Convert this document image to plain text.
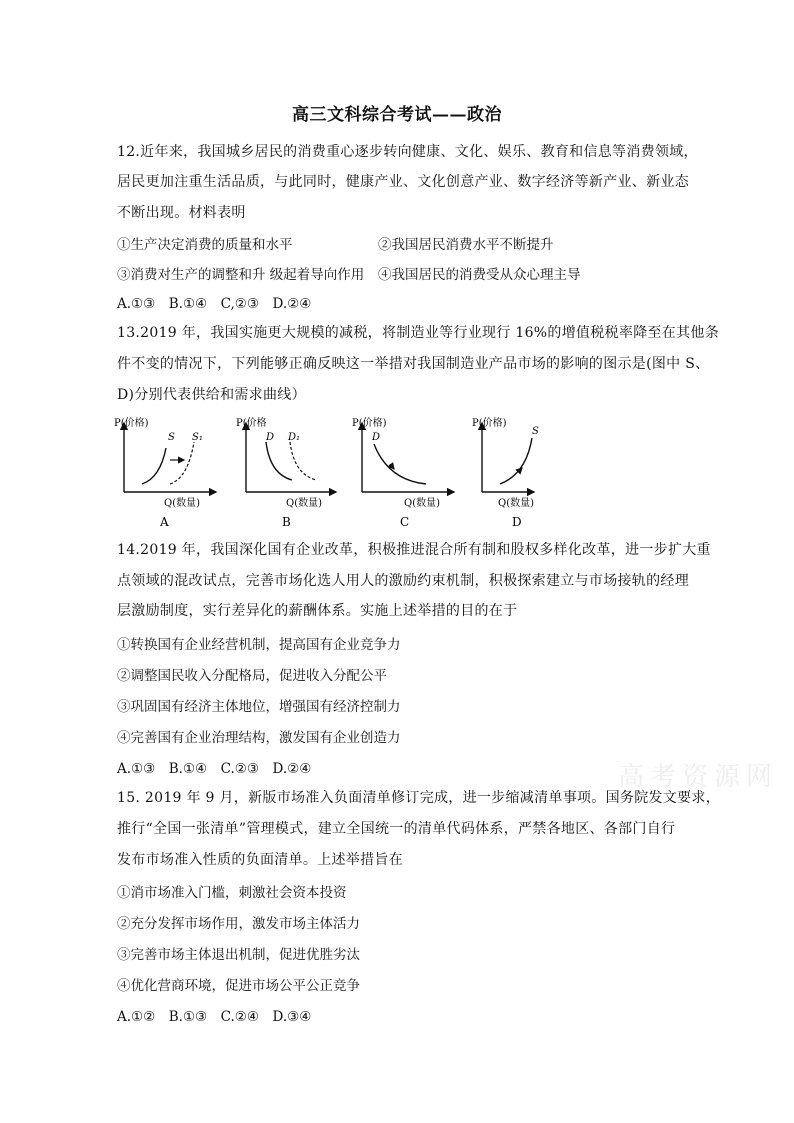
高三文科综合考试——政治
12.近年来，我国城乡居民的消费重心逐步转向健康、文化、娱乐、教育和信息等消费领域，
居民更加注重生活品质，与此同时，健康产业、文化创意产业、数字经济等新产业、新业态
不断出现。材料表明
①生产决定消费的质量和水平	②我国居民消费水平不断提升
③消费对生产的调整和升 级起着导向作用 ④我国居民的消费受从众心理主导
A.①③　B.①④　C,②③　D.②④
13.2019 年，我国实施更大规模的减税，将制造业等行业现行 16%的增值税税率降至在其他条
件不变的情况下，下列能够正确反映这一举措对我国制造业产品市场的影响的图示是(图中 S、
D)分别代表供给和需求曲线）
P(价格)
Q(数量)
S S₁
A
P(价格
Q(数量)
D D₁
B
P(价格)
Q(数量)
D
C
P(价格)
Q(数量)
S
D
14.2019 年，我国深化国有企业改革，积极推进混合所有制和股权多样化改革，进一步扩大重
点领域的混改试点，完善市场化选人用人的激励约束机制，积极探索建立与市场接轨的经理
层激励制度，实行差异化的薪酬体系。实施上述举措的目的在于
①转换国有企业经营机制，提高国有企业竞争力
②调整国民收入分配格局，促进收入分配公平
③巩固国有经济主体地位，增强国有经济控制力
④完善国有企业治理结构，激发国有企业创造力
A.①③　B.①④　C.②③　D.②④
15. 2019 年 9 月，新版市场准入负面清单修订完成，进一步缩减清单事项。国务院发文要求，
推行“全国一张清单”管理模式，建立全国统一的清单代码体系，严禁各地区、各部门自行
发布市场准入性质的负面清单。上述举措旨在
①消市场准入门槛，刺激社会资本投资
②充分发挥市场作用，激发市场主体活力
③完善市场主体退出机制，促进优胜劣汰
④优化营商环境，促进市场公平公正竞争
A.①②　B.①③　C.②④　D.③④
高考资源网
